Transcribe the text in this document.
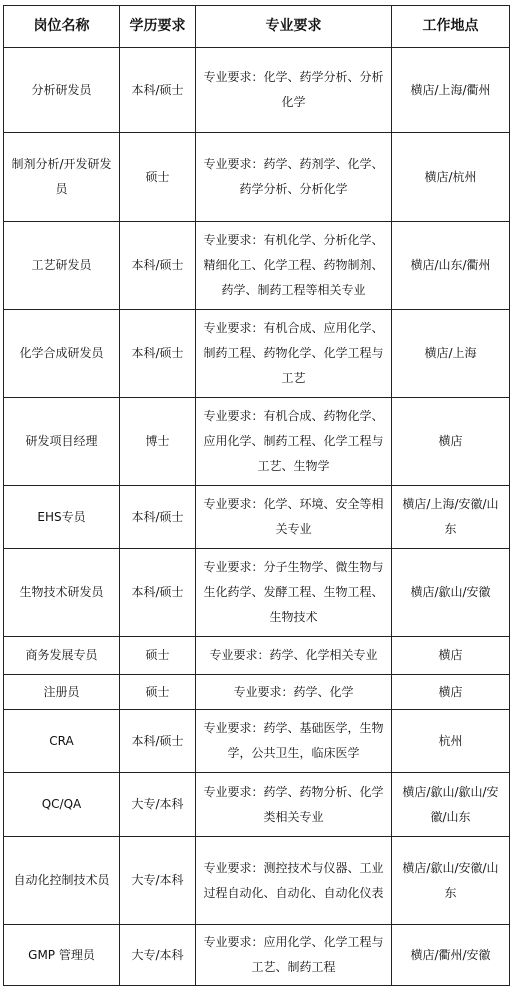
岗位名称	学历要求	专业要求	工作地点
分析研发员	本科/硕士	专业要求：化学、药学分析、分析化学	横店/上海/衢州
制剂分析/开发研发员	硕士	专业要求：药学、药剂学、化学、药学分析、分析化学	横店/杭州
工艺研发员	本科/硕士	专业要求：有机化学、分析化学、精细化工、化学工程、药物制剂、药学、制药工程等相关专业	横店/山东/衢州
化学合成研发员	本科/硕士	专业要求：有机合成、应用化学、制药工程、药物化学、化学工程与工艺	横店/上海
研发项目经理	博士	专业要求：有机合成、药物化学、应用化学、制药工程、化学工程与工艺、生物学	横店
EHS专员	本科/硕士	专业要求：化学、环境、安全等相关专业	横店/上海/安徽/山东
生物技术研发员	本科/硕士	专业要求：分子生物学、微生物与生化药学、发酵工程、生物工程、生物技术	横店/歙山/安徽
商务发展专员	硕士	专业要求：药学、化学相关专业	横店
注册员	硕士	专业要求：药学、化学	横店
CRA	本科/硕士	专业要求：药学、基础医学，生物学，公共卫生，临床医学	杭州
QC/QA	大专/本科	专业要求：药学、药物分析、化学类相关专业	横店/歙山/歙山/安徽/山东
自动化控制技术员	大专/本科	专业要求：测控技术与仪器、工业过程自动化、自动化、自动化仪表	横店/歙山/安徽/山东
GMP 管理员	大专/本科	专业要求：应用化学、化学工程与工艺、制药工程	横店/衢州/安徽
